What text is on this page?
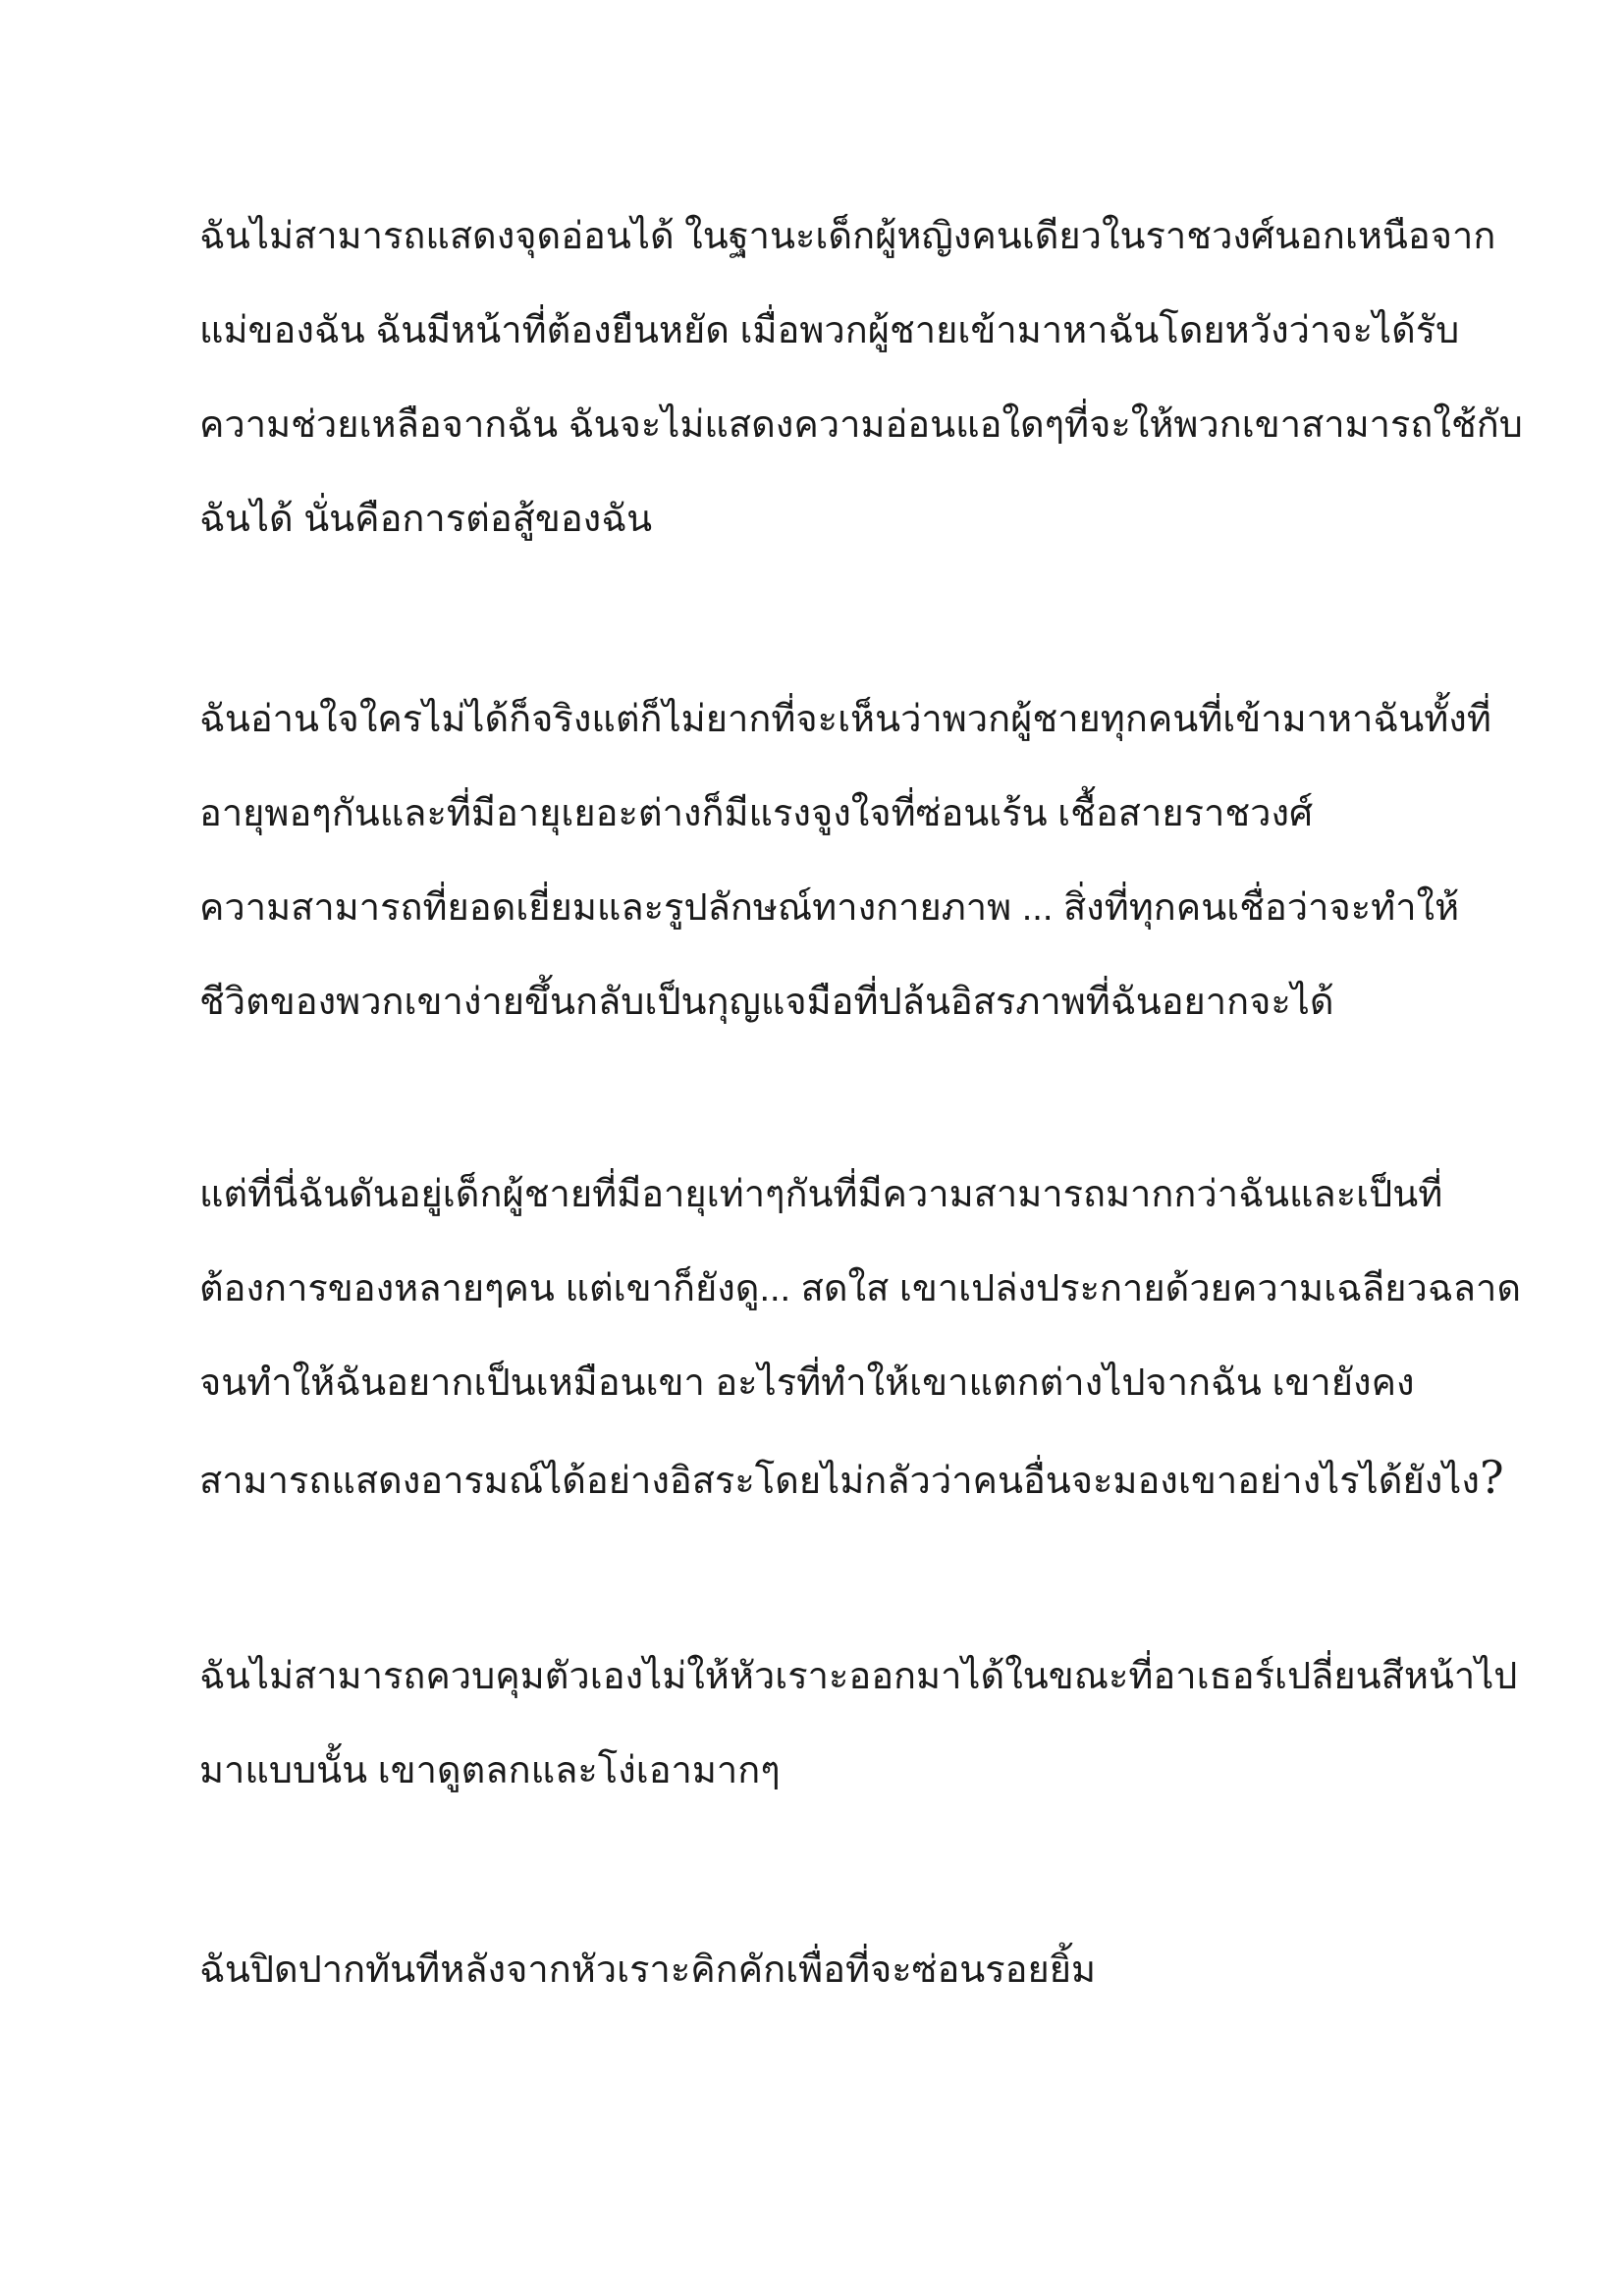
ฉันไม่สามารถแสดงจุดอ่อนได้ ในฐานะเด็กผู้หญิงคนเดียวในราชวงศ์นอกเหนือจาก
แม่ของฉัน ฉันมีหน้าที่ต้องยืนหยัด เมื่อพวกผู้ชายเข้ามาหาฉันโดยหวังว่าจะได้รับ
ความช่วยเหลือจากฉัน ฉันจะไม่แสดงความอ่อนแอใดๆที่จะให้พวกเขาสามารถใช้กับ
ฉันได้ นั่นคือการต่อสู้ของฉัน

ฉันอ่านใจใครไม่ได้ก็จริงแต่ก็ไม่ยากที่จะเห็นว่าพวกผู้ชายทุกคนที่เข้ามาหาฉันทั้งที่
อายุพอๆกันและที่มีอายุเยอะต่างก็มีแรงจูงใจที่ซ่อนเร้น เชื้อสายราชวงศ์
ความสามารถที่ยอดเยี่ยมและรูปลักษณ์ทางกายภาพ ... สิ่งที่ทุกคนเชื่อว่าจะทำให้
ชีวิตของพวกเขาง่ายขึ้นกลับเป็นกุญแจมือที่ปล้นอิสรภาพที่ฉันอยากจะได้

แต่ที่นี่ฉันดันอยู่เด็กผู้ชายที่มีอายุเท่าๆกันที่มีความสามารถมากกว่าฉันและเป็นที่
ต้องการของหลายๆคน แต่เขาก็ยังดู... สดใส เขาเปล่งประกายด้วยความเฉลียวฉลาด
จนทำให้ฉันอยากเป็นเหมือนเขา อะไรที่ทำให้เขาแตกต่างไปจากฉัน เขายังคง
สามารถแสดงอารมณ์ได้อย่างอิสระโดยไม่กลัวว่าคนอื่นจะมองเขาอย่างไรได้ยังไง?

ฉันไม่สามารถควบคุมตัวเองไม่ให้หัวเราะออกมาได้ในขณะที่อาเธอร์เปลี่ยนสีหน้าไป
มาแบบนั้น เขาดูตลกและโง่เอามากๆ

ฉันปิดปากทันทีหลังจากหัวเราะคิกคักเพื่อที่จะซ่อนรอยยิ้ม
